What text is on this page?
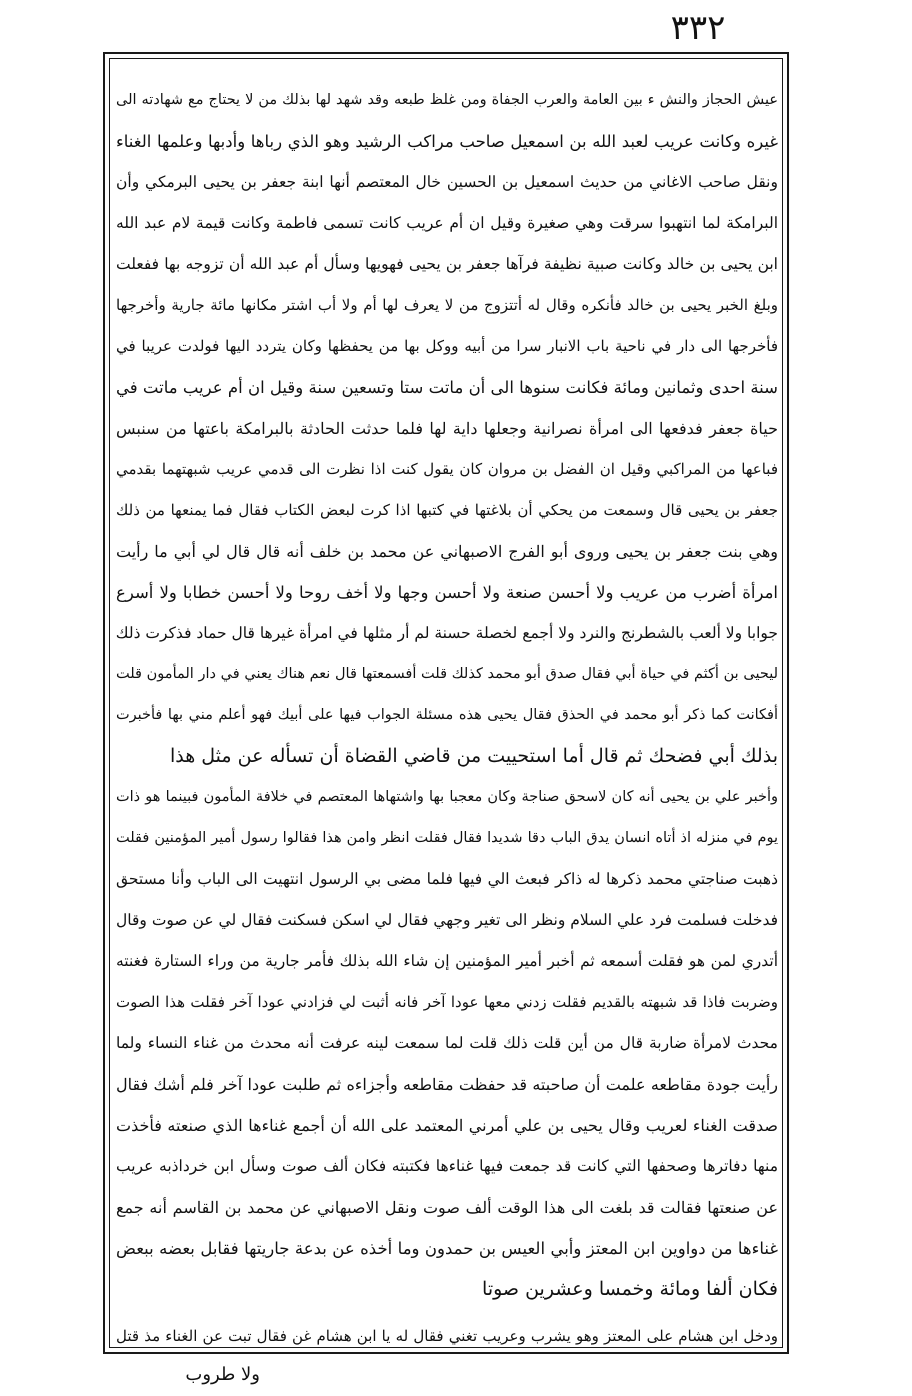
٣٣٢
عيش الحجاز والنش ء بين العامة والعرب الجفاة ومن غلظ طبعه وقد شهد لها بذلك من لا يحتاج مع شهادته الى
غيره وكانت عريب لعبد الله بن اسمعيل صاحب مراكب الرشيد وهو الذي رباها وأدبها وعلمها الغناء
ونقل صاحب الاغاني من حديث اسمعيل بن الحسين خال المعتصم أنها ابنة جعفر بن يحيى البرمكي وأن
البرامكة لما انتهبوا سرقت وهي صغيرة وقيل ان أم عريب كانت تسمى فاطمة وكانت قيمة لام عبد الله
ابن يحيى بن خالد وكانت صبية نظيفة فرآها جعفر بن يحيى فهويها وسأل أم عبد الله أن تزوجه بها ففعلت
وبلغ الخبر يحيى بن خالد فأنكره وقال له أتتزوج من لا يعرف لها أم ولا أب اشتر مكانها مائة جارية وأخرجها
فأخرجها الى دار في ناحية باب الانبار سرا من أبيه ووكل بها من يحفظها وكان يتردد اليها فولدت عريبا في
سنة احدى وثمانين ومائة فكانت سنوها الى أن ماتت ستا وتسعين سنة وقيل ان أم عريب ماتت في
حياة جعفر فدفعها الى امرأة نصرانية وجعلها داية لها فلما حدثت الحادثة بالبرامكة باعتها من سنبس
فباعها من المراكبي وقيل ان الفضل بن مروان كان يقول كنت اذا نظرت الى قدمي عريب شبهتهما بقدمي
جعفر بن يحيى قال وسمعت من يحكي أن بلاغتها في كتبها اذا كرت لبعض الكتاب فقال فما يمنعها من ذلك
وهي بنت جعفر بن يحيى وروى أبو الفرج الاصبهاني عن محمد بن خلف أنه قال قال لي أبي ما رأيت
امرأة أضرب من عريب ولا أحسن صنعة ولا أحسن وجها ولا أخف روحا ولا أحسن خطابا ولا أسرع
جوابا ولا ألعب بالشطرنج والنرد ولا أجمع لخصلة حسنة لم أر مثلها في امرأة غيرها قال حماد فذكرت ذلك
ليحيى بن أكثم في حياة أبي فقال صدق أبو محمد كذلك قلت أفسمعتها قال نعم هناك يعني في دار المأمون قلت
أفكانت كما ذكر أبو محمد في الحذق فقال يحيى هذه مسئلة الجواب فيها على أبيك فهو أعلم مني بها فأخبرت
بذلك أبي فضحك ثم قال أما استحييت من قاضي القضاة أن تسأله عن مثل هذا
وأخبر علي بن يحيى أنه كان لاسحق صناجة وكان معجبا بها واشتهاها المعتصم في خلافة المأمون فبينما هو ذات
يوم في منزله اذ أتاه انسان يدق الباب دقا شديدا فقال فقلت انظر وامن هذا فقالوا رسول أمير المؤمنين فقلت
ذهبت صناجتي محمد ذكرها له ذاكر فبعث الي فيها فلما مضى بي الرسول انتهيت الى الباب وأنا مستحق
فدخلت فسلمت فرد علي السلام ونظر الى تغير وجهي فقال لي اسكن فسكنت فقال لي عن صوت وقال
أتدري لمن هو فقلت أسمعه ثم أخبر أمير المؤمنين إن شاء الله بذلك فأمر جارية من وراء الستارة فغنته
وضربت فاذا قد شبهته بالقديم فقلت زدني معها عودا آخر فانه أثبت لي فزادني عودا آخر فقلت هذا الصوت
محدث لامرأة ضاربة قال من أين قلت ذلك قلت لما سمعت لينه عرفت أنه محدث من غناء النساء ولما
رأيت جودة مقاطعه علمت أن صاحبته قد حفظت مقاطعه وأجزاءه ثم طلبت عودا آخر فلم أشك فقال
صدقت الغناء لعريب وقال يحيى بن علي أمرني المعتمد على الله أن أجمع غناءها الذي صنعته فأخذت
منها دفاترها وصحفها التي كانت قد جمعت فيها غناءها فكتبته فكان ألف صوت وسأل ابن خرداذبه عريب
عن صنعتها فقالت قد بلغت الى هذا الوقت ألف صوت ونقل الاصبهاني عن محمد بن القاسم أنه جمع
غناءها من دواوين ابن المعتز وأبي العيس بن حمدون وما أخذه عن بدعة جاريتها فقابل بعضه ببعض
فكان ألفا ومائة وخمسا وعشرين صوتا
ودخل ابن هشام على المعتز وهو يشرب وعريب تغني فقال له يا ابن هشام غن فقال تبت عن الغناء مذ قتل
ولا طروب
